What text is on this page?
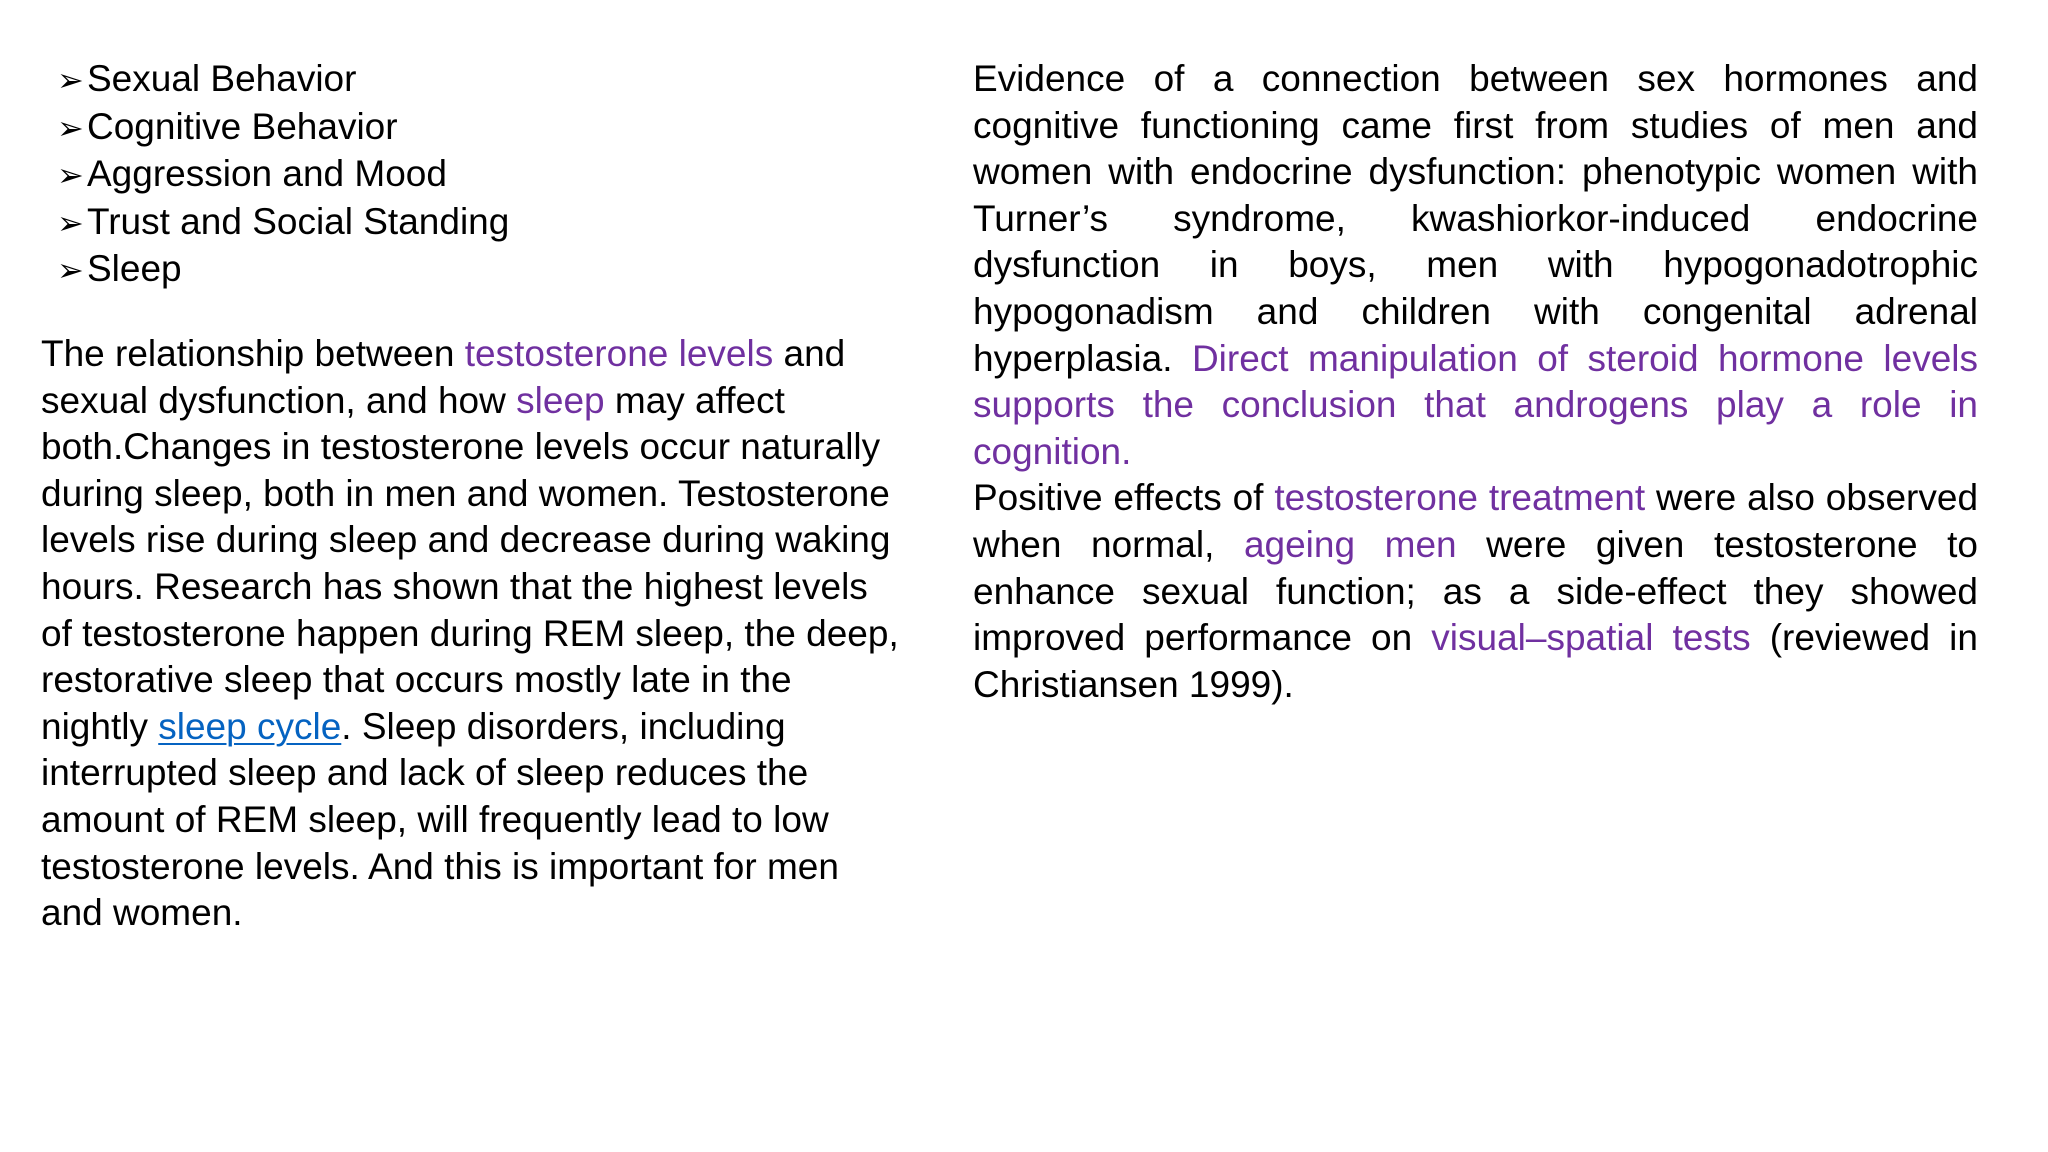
➢ Sexual Behavior
➢ Cognitive Behavior
➢ Aggression and Mood
➢ Trust and Social Standing
➢ Sleep

The relationship between testosterone levels and sexual dysfunction, and how sleep may affect both.Changes in testosterone levels occur naturally during sleep, both in men and women. Testosterone levels rise during sleep and decrease during waking hours. Research has shown that the highest levels of testosterone happen during REM sleep, the deep, restorative sleep that occurs mostly late in the nightly sleep cycle. Sleep disorders, including interrupted sleep and lack of sleep reduces the amount of REM sleep, will frequently lead to low testosterone levels. And this is important for men and women.

Evidence of a connection between sex hormones and cognitive functioning came first from studies of men and women with endocrine dysfunction: phenotypic women with Turner’s syndrome, kwashiorkor-induced endocrine dysfunction in boys, men with hypogonadotrophic hypogonadism and children with congenital adrenal hyperplasia. Direct manipulation of steroid hormone levels supports the conclusion that androgens play a role in cognition.

Positive effects of testosterone treatment were also observed when normal, ageing men were given testosterone to enhance sexual function; as a side-effect they showed improved performance on visual–spatial tests (reviewed in Christiansen 1999).
